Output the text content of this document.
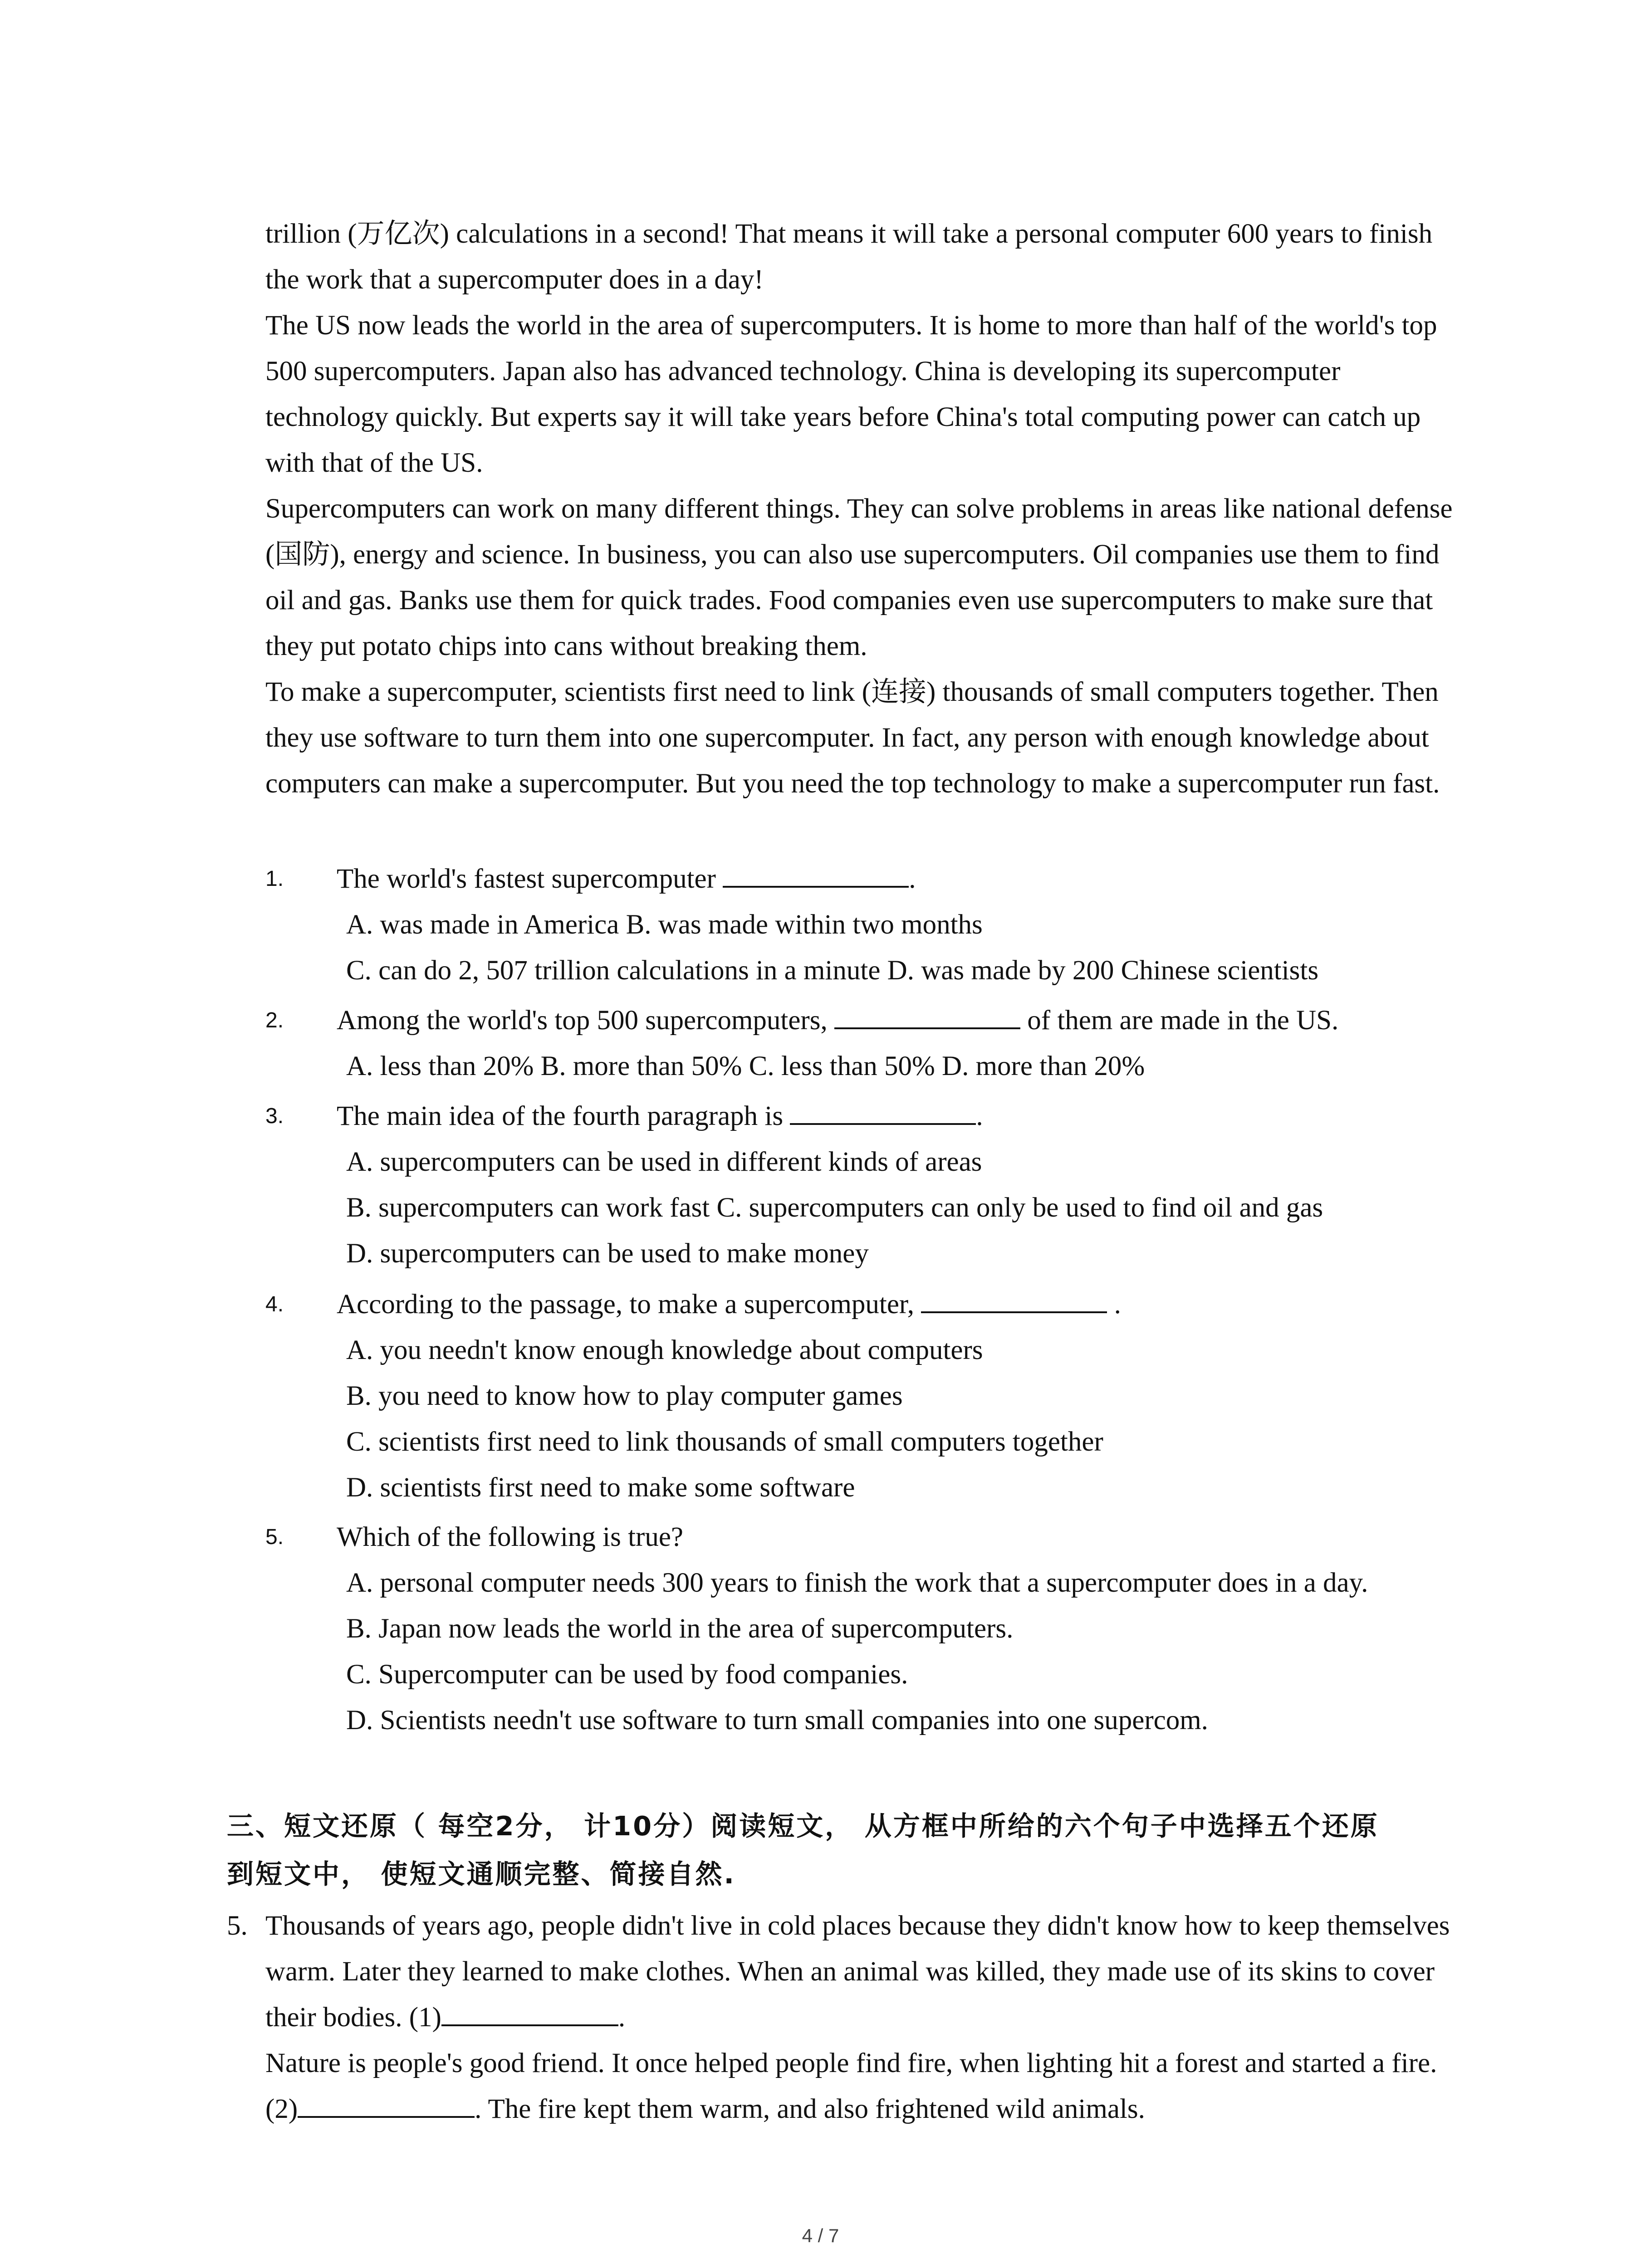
trillion (万亿次) calculations in a second! That means it will take a personal computer 600 years to finish the work that a supercomputer does in a day!

The US now leads the world in the area of supercomputers. It is home to more than half of the world's top 500 supercomputers. Japan also has advanced technology. China is developing its supercomputer technology quickly. But experts say it will take years before China's total computing power can catch up with that of the US.

Supercomputers can work on many different things. They can solve problems in areas like national defense (国防), energy and science. In business, you can also use supercomputers. Oil companies use them to find oil and gas. Banks use them for quick trades. Food companies even use supercomputers to make sure that they put potato chips into cans without breaking them.

To make a supercomputer, scientists first need to link (连接) thousands of small computers together. Then they use software to turn them into one supercomputer. In fact, any person with enough knowledge about computers can make a supercomputer. But you need the top technology to make a supercomputer run fast.

1. The world's fastest supercomputer	.
A. was made in America B. was made within two months
C. can do 2, 507 trillion calculations in a minute D. was made by 200 Chinese scientists
2. Among the world's top 500 supercomputers,	of them are made in the US.
A. less than 20% B. more than 50% C. less than 50% D. more than 20%
3. The main idea of the fourth paragraph is	.
A. supercomputers can be used in different kinds of areas
B. supercomputers can work fast C. supercomputers can only be used to find oil and gas
D. supercomputers can be used to make money
4. According to the passage, to make a supercomputer,	.
A. you needn't know enough knowledge about computers
B. you need to know how to play computer games
C. scientists first need to link thousands of small computers together
D. scientists first need to make some software
5. Which of the following is true?
A. personal computer needs 300 years to finish the work that a supercomputer does in a day.
B. Japan now leads the world in the area of supercomputers.
C. Supercomputer can be used by food companies.
D. Scientists needn't use software to turn small companies into one supercom.

三、短文还原（ 每空2分， 计10分）阅读短文， 从方框中所给的六个句子中选择五个还原

到短文中， 使短文通顺完整、简接自然.

5. Thousands of years ago, people didn't live in cold places because they didn't know how to keep themselves warm. Later they learned to make clothes. When an animal was killed, they made use of its skins to cover their bodies. (1)	.

Nature is people's good friend. It once helped people find fire, when lighting hit a forest and started a fire. (2)	. The fire kept them warm, and also frightened wild animals.

4 / 7
